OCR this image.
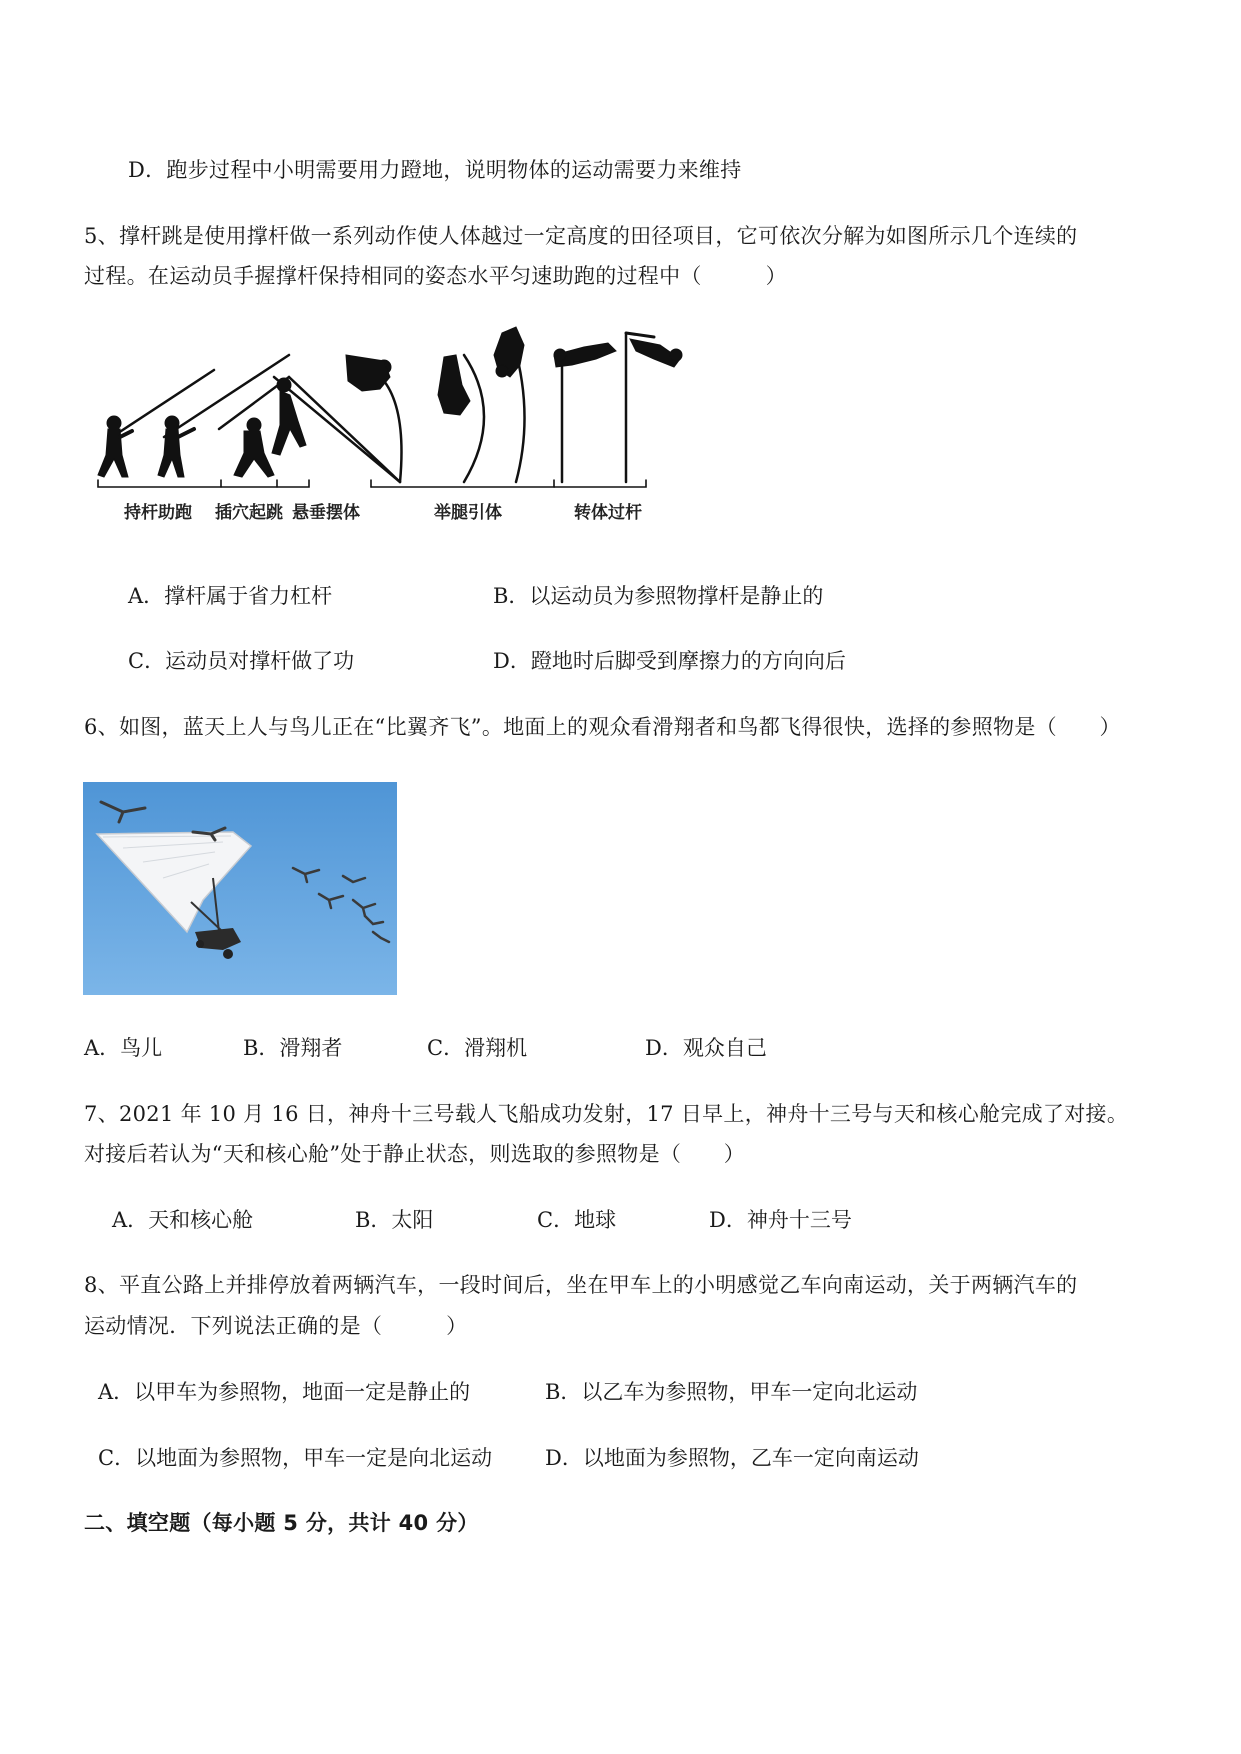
D．跑步过程中小明需要用力蹬地，说明物体的运动需要力来维持
5、撑杆跳是使用撑杆做一系列动作使人体越过一定高度的田径项目，它可依次分解为如图所示几个连续的
过程。在运动员手握撑杆保持相同的姿态水平匀速助跑的过程中（　　　）
持杆助跑 插穴起跳 悬垂摆体	举腿引体	转体过杆
A．撑杆属于省力杠杆	B．以运动员为参照物撑杆是静止的
C．运动员对撑杆做了功	D．蹬地时后脚受到摩擦力的方向向后
6、如图，蓝天上人与鸟儿正在“比翼齐飞”。地面上的观众看滑翔者和鸟都飞得很快，选择的参照物是（　　）
A．鸟儿	B．滑翔者	C．滑翔机	D．观众自己
7、2021 年 10 月 16 日，神舟十三号载人飞船成功发射，17 日早上，神舟十三号与天和核心舱完成了对接。
对接后若认为“天和核心舱”处于静止状态，则选取的参照物是（　　）
A．天和核心舱	B．太阳	C．地球	D．神舟十三号
8、平直公路上并排停放着两辆汽车，一段时间后，坐在甲车上的小明感觉乙车向南运动，关于两辆汽车的
运动情况．下列说法正确的是（　　　）
A．以甲车为参照物，地面一定是静止的	B．以乙车为参照物，甲车一定向北运动
C．以地面为参照物，甲车一定是向北运动	D．以地面为参照物，乙车一定向南运动
二、填空题（每小题 5 分，共计 40 分）
